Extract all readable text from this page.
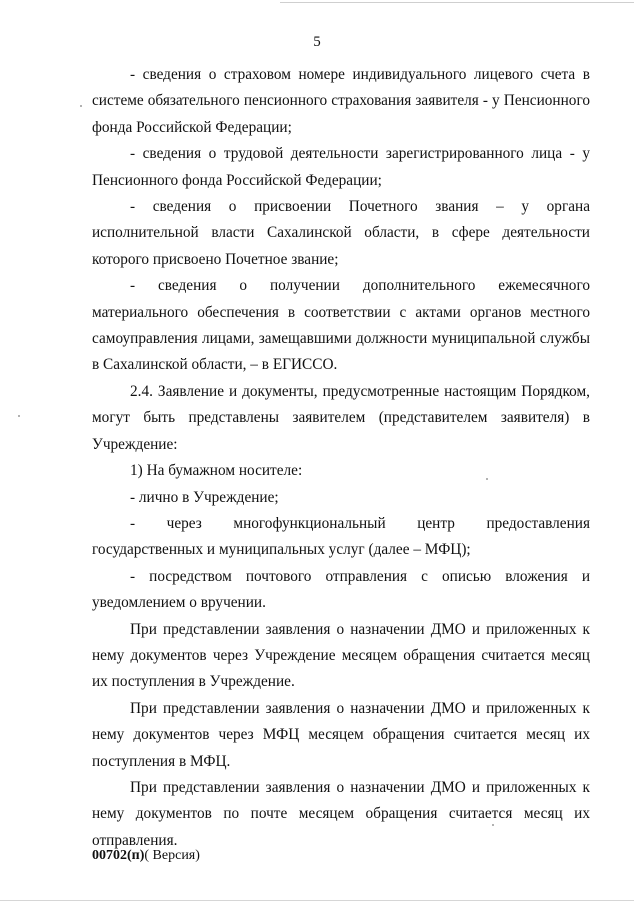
5

- сведения о страховом номере индивидуального лицевого счета в системе обязательного пенсионного страхования заявителя - у Пенсионного фонда Российской Федерации;

- сведения о трудовой деятельности зарегистрированного лица - у Пенсионного фонда Российской Федерации;

- сведения о присвоении Почетного звания – у органа исполнительной власти Сахалинской области, в сфере деятельности которого присвоено Почетное звание;

- сведения о получении дополнительного ежемесячного материального обеспечения в соответствии с актами органов местного самоуправления лицами, замещавшими должности муниципальной службы в Сахалинской области, – в ЕГИССО.

2.4. Заявление и документы, предусмотренные настоящим Порядком, могут быть представлены заявителем (представителем заявителя) в Учреждение:

1) На бумажном носителе:

- лично в Учреждение;

- через многофункциональный центр предоставления государственных и муниципальных услуг (далее – МФЦ);

- посредством почтового отправления с описью вложения и уведомлением о вручении.

При представлении заявления о назначении ДМО и приложенных к нему документов через Учреждение месяцем обращения считается месяц их поступления в Учреждение.

При представлении заявления о назначении ДМО и приложенных к нему документов через МФЦ месяцем обращения считается месяц их поступления в МФЦ.

При представлении заявления о назначении ДМО и приложенных к нему документов по почте месяцем обращения считается месяц их отправления.

00702(п)( Версия)
